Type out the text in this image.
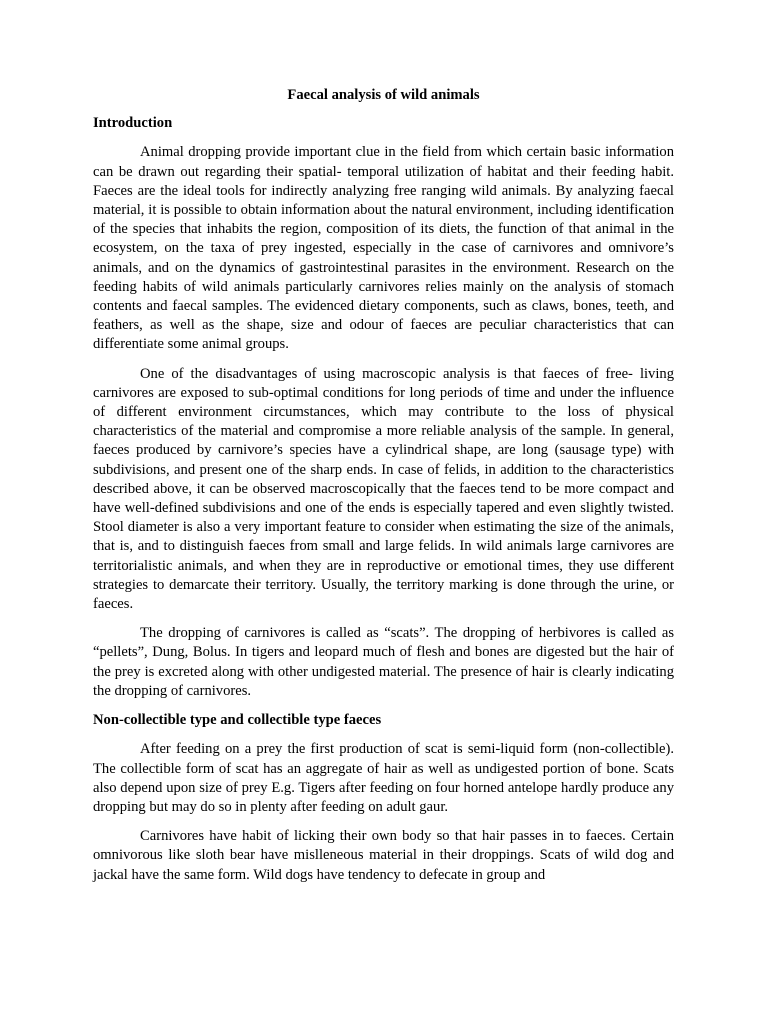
Faecal analysis of wild animals
Introduction

Animal dropping provide important clue in the field from which certain basic information can be drawn out regarding their spatial- temporal utilization of habitat and their feeding habit. Faeces are the ideal tools for indirectly analyzing free ranging wild animals. By analyzing faecal material, it is possible to obtain information about the natural environment, including identification of the species that inhabits the region, composition of its diets, the function of that animal in the ecosystem, on the taxa of prey ingested, especially in the case of carnivores and omnivore’s animals, and on the dynamics of gastrointestinal parasites in the environment. Research on the feeding habits of wild animals particularly carnivores relies mainly on the analysis of stomach contents and faecal samples. The evidenced dietary components, such as claws, bones, teeth, and feathers, as well as the shape, size and odour of faeces are peculiar characteristics that can differentiate some animal groups.

One of the disadvantages of using macroscopic analysis is that faeces of free- living carnivores are exposed to sub-optimal conditions for long periods of time and under the influence of different environment circumstances, which may contribute to the loss of physical characteristics of the material and compromise a more reliable analysis of the sample. In general, faeces produced by carnivore’s species have a cylindrical shape, are long (sausage type) with subdivisions, and present one of the sharp ends. In case of felids, in addition to the characteristics described above, it can be observed macroscopically that the faeces tend to be more compact and have well-defined subdivisions and one of the ends is especially tapered and even slightly twisted. Stool diameter is also a very important feature to consider when estimating the size of the animals, that is, and to distinguish faeces from small and large felids. In wild animals large carnivores are territorialistic animals, and when they are in reproductive or emotional times, they use different strategies to demarcate their territory. Usually, the territory marking is done through the urine, or faeces.

The dropping of carnivores is called as “scats”. The dropping of herbivores is called as “pellets”, Dung, Bolus. In tigers and leopard much of flesh and bones are digested but the hair of the prey is excreted along with other undigested material. The presence of hair is clearly indicating the dropping of carnivores.

Non-collectible type and collectible type faeces

After feeding on a prey the first production of scat is semi-liquid form (non-collectible). The collectible form of scat has an aggregate of hair as well as undigested portion of bone. Scats also depend upon size of prey E.g. Tigers after feeding on four horned antelope hardly produce any dropping but may do so in plenty after feeding on adult gaur.

Carnivores have habit of licking their own body so that hair passes in to faeces. Certain omnivorous like sloth bear have mislleneous material in their droppings. Scats of wild dog and jackal have the same form. Wild dogs have tendency to defecate in group and
